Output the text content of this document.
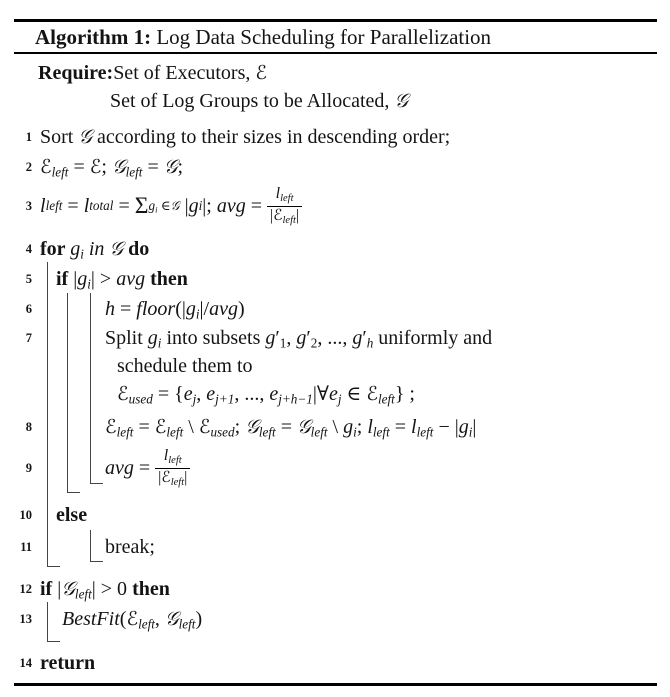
Algorithm 1: Log Data Scheduling for Parallelization
Require:Set of Executors, ℰ
Set of Log Groups to be Allocated, 𝒢
Sort 𝒢 according to their sizes in descending order;
1
ℰ$_{left}$ = ℰ; 𝒢$_{left}$ = 𝒢;
2
l left = l total = Σ $g_i$ ∈𝒢 | g i |; avg = $\frac{l_{left}}{|ℰ_{left}|}$
3
for $g_i$ in 𝒢 do
4
if $|g_i|$ > avg then
5
$h = floor(|g_i|/avg)$
6
Split $g_i$ into subsets g′1, g′2, ..., $g'_h$ uniformly and
7
schedule them to
ℰ$_{used}$ = {$e_j$, $e_{j+1}$, ..., $e_{j+h-1}|\forall e_j$ ∈ ℰ$_{left}$} ;
ℰ$_{left}$ = ℰ$_{left}$ \ ℰ$_{used}$; 𝒢$_{left}$ = 𝒢$_{left}$ \ $g_i$; $l_{left} = l_{left} - |g_i|$
8
avg = $\frac{l_{left}}{|ℰ_{left}|}$
9
else
10
break;
11
if |𝒢$_{left}$| > 0 then
12
BestFit(ℰ$_{left}$, 𝒢$_{left}$)
13
return
14
